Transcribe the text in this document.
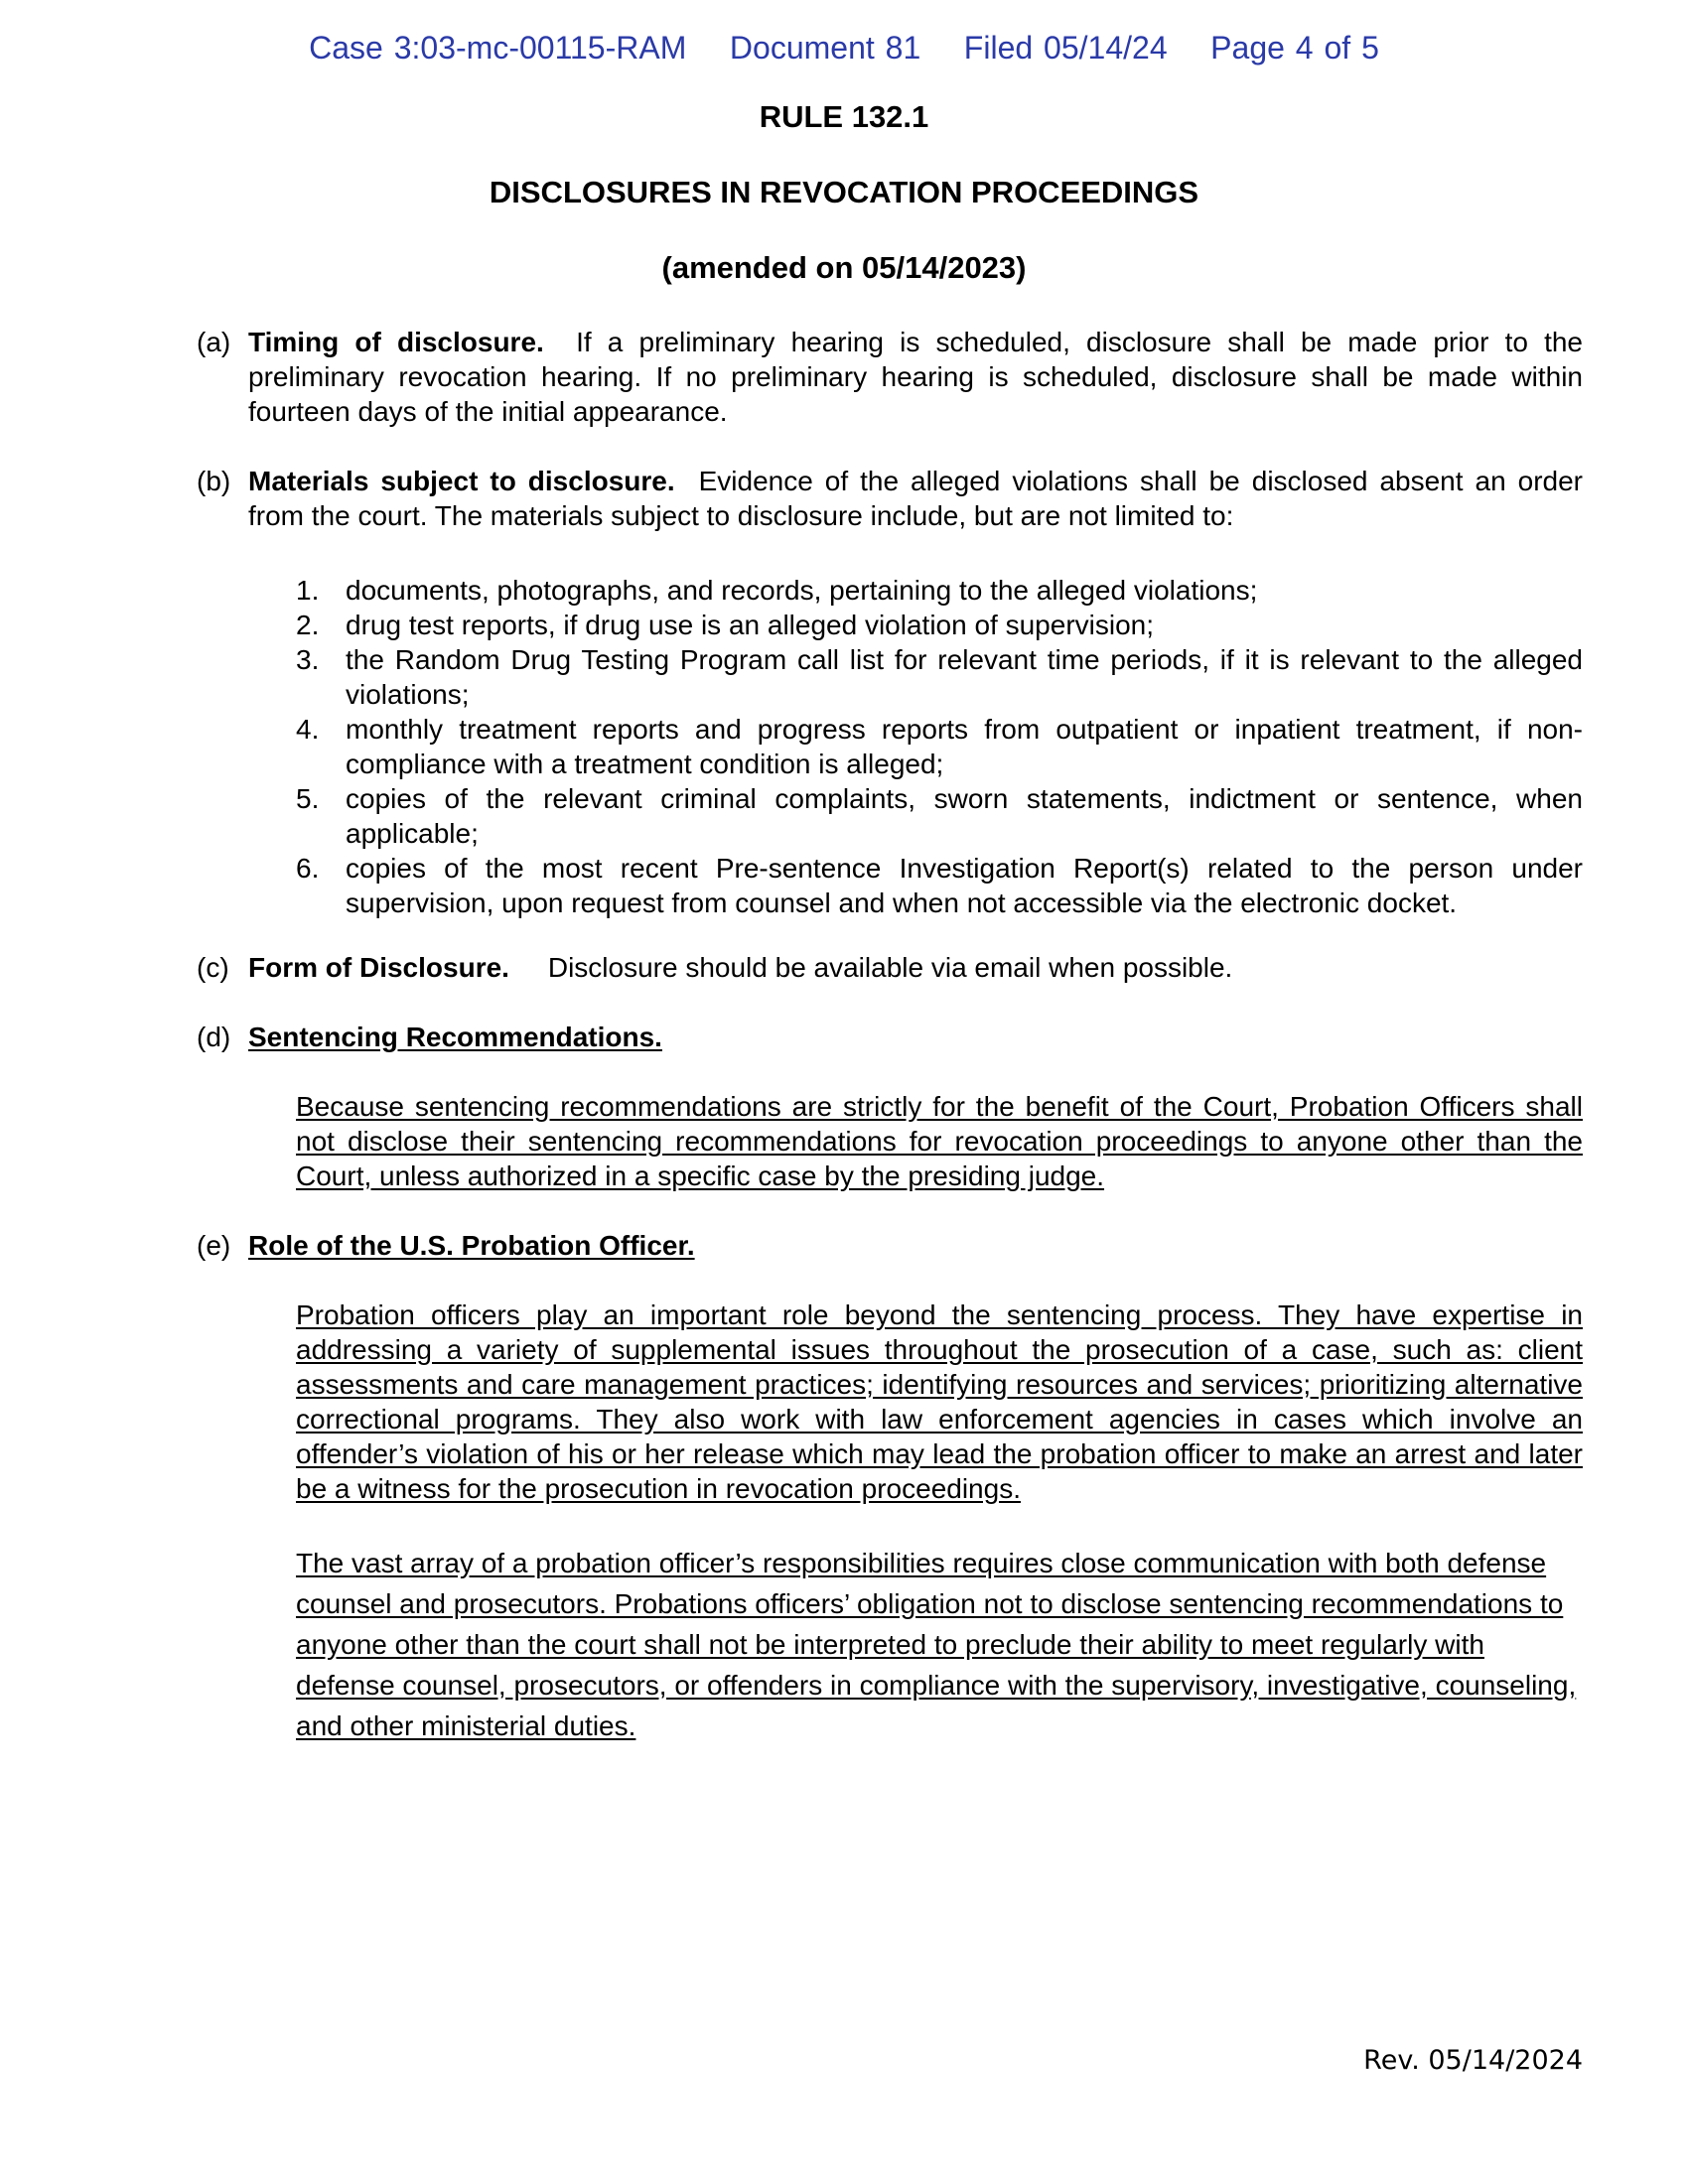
Case 3:03-mc-00115-RAM    Document 81    Filed 05/14/24    Page 4 of 5
RULE 132.1
DISCLOSURES IN REVOCATION PROCEEDINGS
(amended on 05/14/2023)
(a) Timing of disclosure. If a preliminary hearing is scheduled, disclosure shall be made prior to the preliminary revocation hearing. If no preliminary hearing is scheduled, disclosure shall be made within fourteen days of the initial appearance.
(b) Materials subject to disclosure. Evidence of the alleged violations shall be disclosed absent an order from the court. The materials subject to disclosure include, but are not limited to:
1. documents, photographs, and records, pertaining to the alleged violations;
2. drug test reports, if drug use is an alleged violation of supervision;
3. the Random Drug Testing Program call list for relevant time periods, if it is relevant to the alleged violations;
4. monthly treatment reports and progress reports from outpatient or inpatient treatment, if non-compliance with a treatment condition is alleged;
5. copies of the relevant criminal complaints, sworn statements, indictment or sentence, when applicable;
6. copies of the most recent Pre-sentence Investigation Report(s) related to the person under supervision, upon request from counsel and when not accessible via the electronic docket.
(c) Form of Disclosure. Disclosure should be available via email when possible.
(d) Sentencing Recommendations.
Because sentencing recommendations are strictly for the benefit of the Court, Probation Officers shall not disclose their sentencing recommendations for revocation proceedings to anyone other than the Court, unless authorized in a specific case by the presiding judge.
(e) Role of the U.S. Probation Officer.
Probation officers play an important role beyond the sentencing process. They have expertise in addressing a variety of supplemental issues throughout the prosecution of a case, such as: client assessments and care management practices; identifying resources and services; prioritizing alternative correctional programs. They also work with law enforcement agencies in cases which involve an offender’s violation of his or her release which may lead the probation officer to make an arrest and later be a witness for the prosecution in revocation proceedings.
The vast array of a probation officer’s responsibilities requires close communication with both defense counsel and prosecutors. Probations officers’ obligation not to disclose sentencing recommendations to anyone other than the court shall not be interpreted to preclude their ability to meet regularly with defense counsel, prosecutors, or offenders in compliance with the supervisory, investigative, counseling, and other ministerial duties.
Rev. 05/14/2024
